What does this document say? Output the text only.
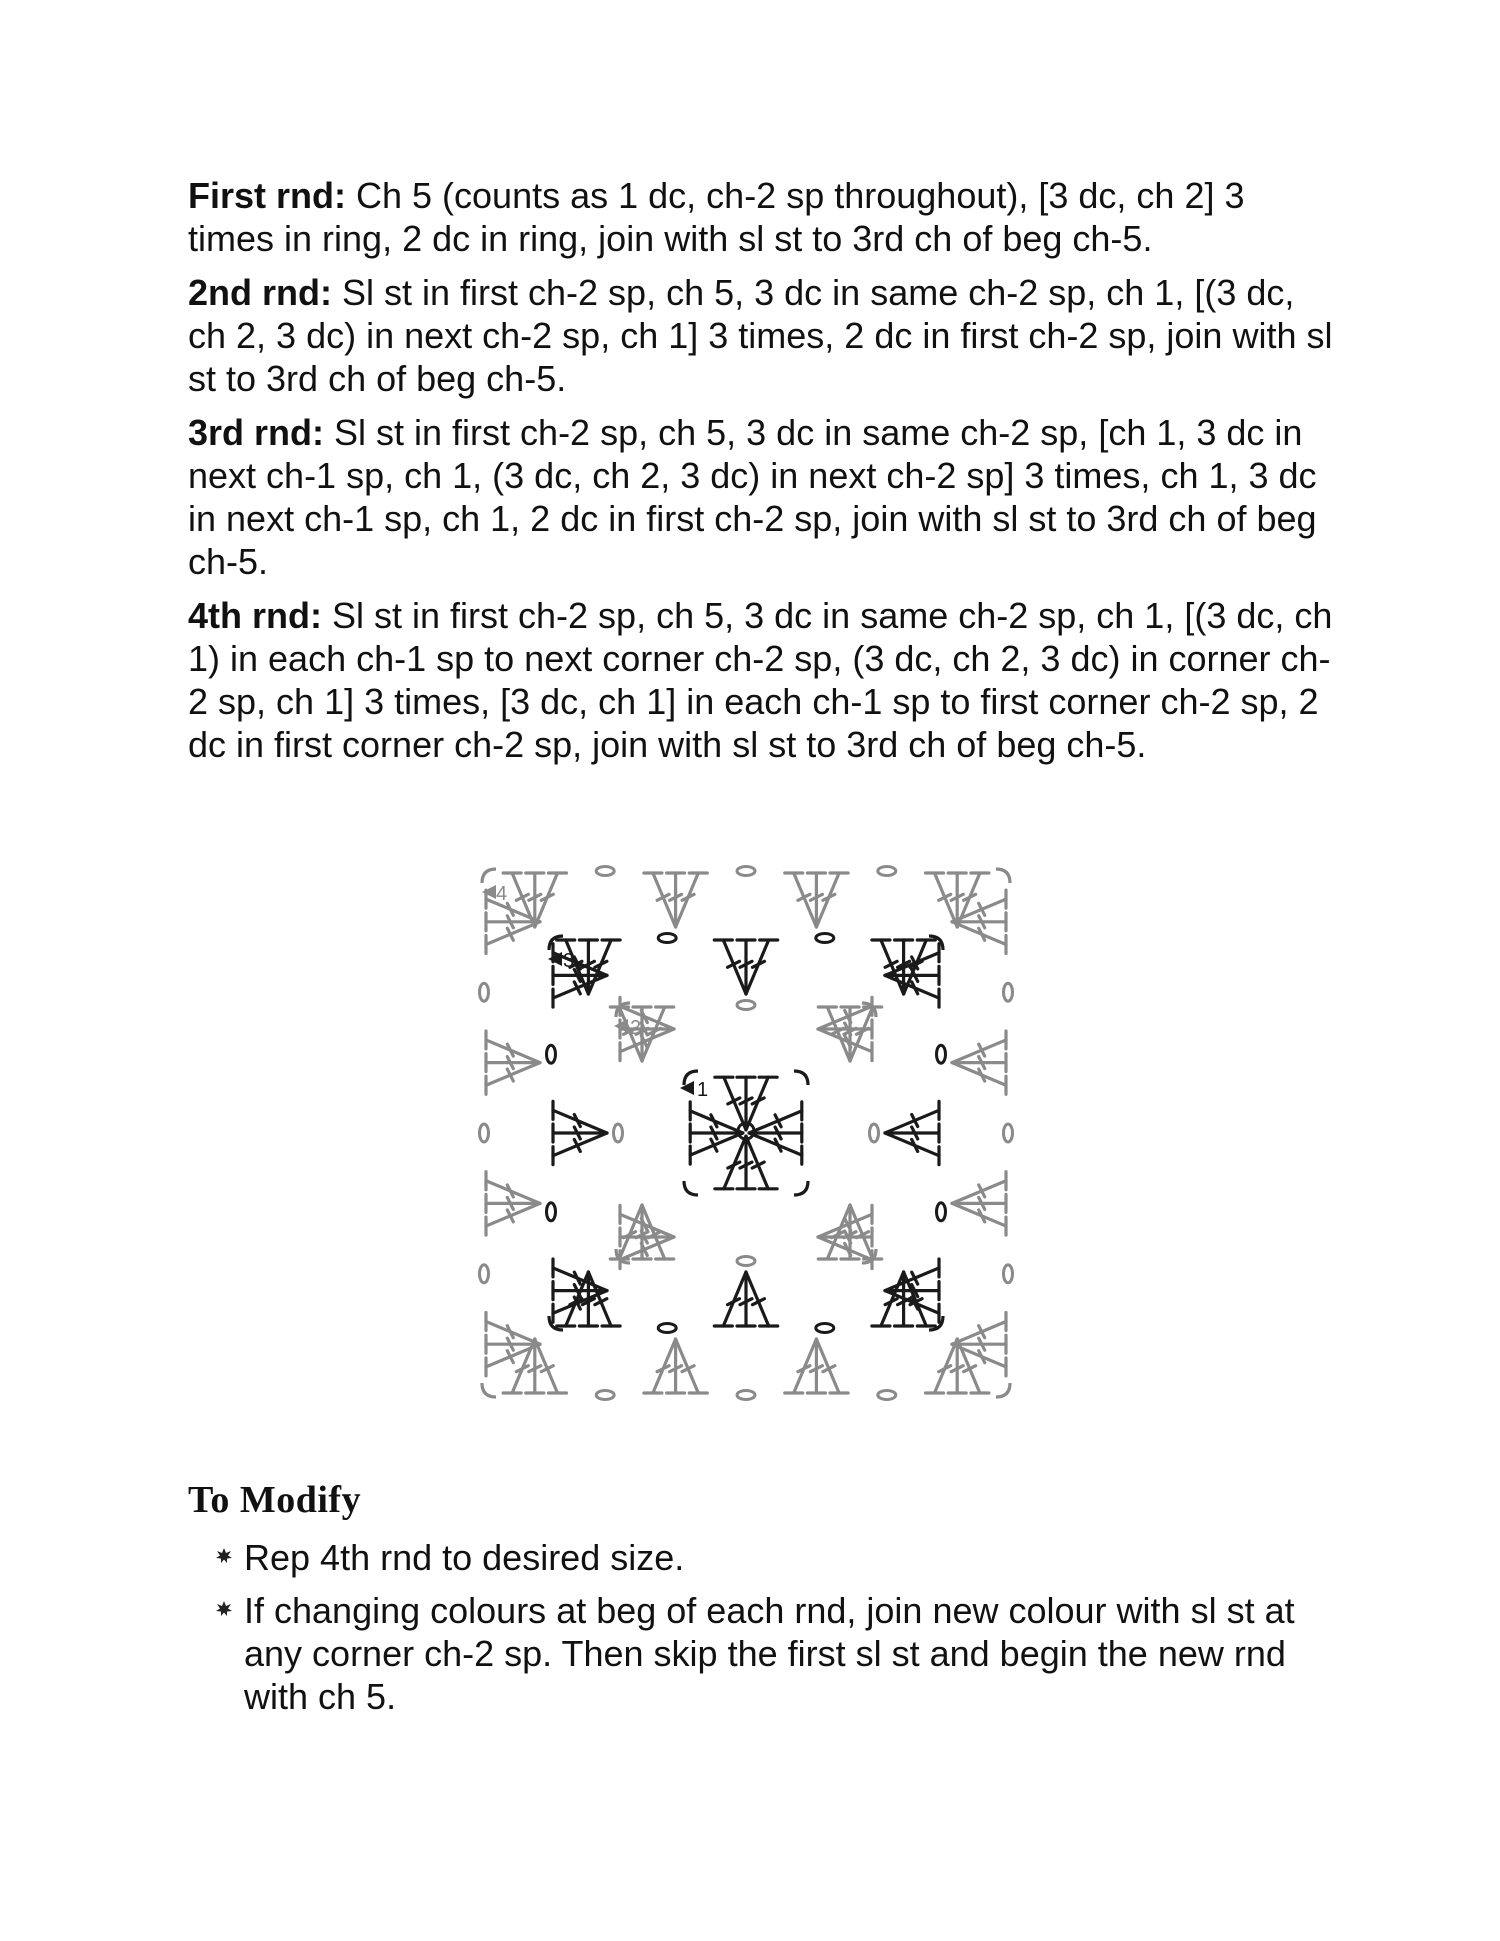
First rnd: Ch 5 (counts as 1 dc, ch-2 sp throughout), [3 dc, ch 2] 3 times in ring, 2 dc in ring, join with sl st to 3rd ch of beg ch-5.

2nd rnd: Sl st in first ch-2 sp, ch 5, 3 dc in same ch-2 sp, ch 1, [(3 dc, ch 2, 3 dc) in next ch-2 sp, ch 1] 3 times, 2 dc in first ch-2 sp, join with sl st to 3rd ch of beg ch-5.

3rd rnd: Sl st in first ch-2 sp, ch 5, 3 dc in same ch-2 sp, [ch 1, 3 dc in next ch-1 sp, ch 1, (3 dc, ch 2, 3 dc) in next ch-2 sp] 3 times, ch 1, 3 dc in next ch-1 sp, ch 1, 2 dc in first ch-2 sp, join with sl st to 3rd ch of beg ch-5.

4th rnd: Sl st in first ch-2 sp, ch 5, 3 dc in same ch-2 sp, ch 1, [(3 dc, ch 1) in each ch-1 sp to next corner ch-2 sp, (3 dc, ch 2, 3 dc) in corner ch-2 sp, ch 1] 3 times, [3 dc, ch 1] in each ch-1 sp to first corner ch-2 sp, 2 dc in first corner ch-2 sp, join with sl st to 3rd ch of beg ch-5.

4
3
2
1
To Modify
Rep 4th rnd to desired size.
If changing colours at beg of each rnd, join new colour with sl st at any corner ch-2 sp. Then skip the first sl st and begin the new rnd with ch 5.
